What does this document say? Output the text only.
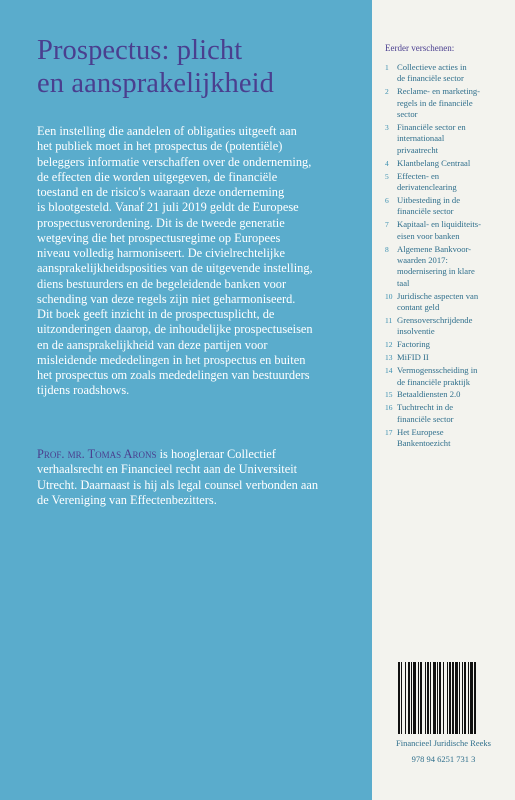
Prospectus: plicht
en aansprakelijkheid
Een instelling die aandelen of obligaties uitgeeft aan
het publiek moet in het prospectus de (potentiële)
beleggers informatie verschaffen over de onderneming,
de effecten die worden uitgegeven, de financiële
toestand en de risico's waaraan deze onderneming
is blootgesteld. Vanaf 21 juli 2019 geldt de Europese
prospectusverordening. Dit is de tweede generatie
wetgeving die het prospectusregime op Europees
niveau volledig harmoniseert. De civielrechtelijke
aansprakelijkheidsposities van de uitgevende instelling,
diens bestuurders en de begeleidende banken voor
schending van deze regels zijn niet geharmoniseerd.
Dit boek geeft inzicht in de prospectusplicht, de
uitzonderingen daarop, de inhoudelijke prospectuseisen
en de aansprakelijkheid van deze partijen voor
misleidende mededelingen in het prospectus en buiten
het prospectus om zoals mededelingen van bestuurders
tijdens roadshows.
Prof. mr. Tomas Arons is hoogleraar Collectief
verhaalsrecht en Financieel recht aan de Universiteit
Utrecht. Daarnaast is hij als legal counsel verbonden aan
de Vereniging van Effectenbezitters.
Eerder verschenen:
1 Collectieve acties in
de financiële sector
2 Reclame- en marketing-
regels in de financiële
sector
3 Financiële sector en
internationaal
privaatrecht
4 Klantbelang Centraal
5 Effecten- en
derivatenclearing
6 Uitbesteding in de
financiële sector
7 Kapitaal- en liquiditeits-
eisen voor banken
8 Algemene Bankvoor-
waarden 2017:
modernisering in klare
taal
10 Juridische aspecten van
contant geld
11 Grensoverschrijdende
insolventie
12 Factoring
13 MiFID II
14 Vermogensscheiding in
de financiële praktijk
15 Betaaldiensten 2.0
16 Tuchtrecht in de
financiële sector
17 Het Europese
Bankentoezicht
Financieel Juridische Reeks
978 94 6251 731 3
